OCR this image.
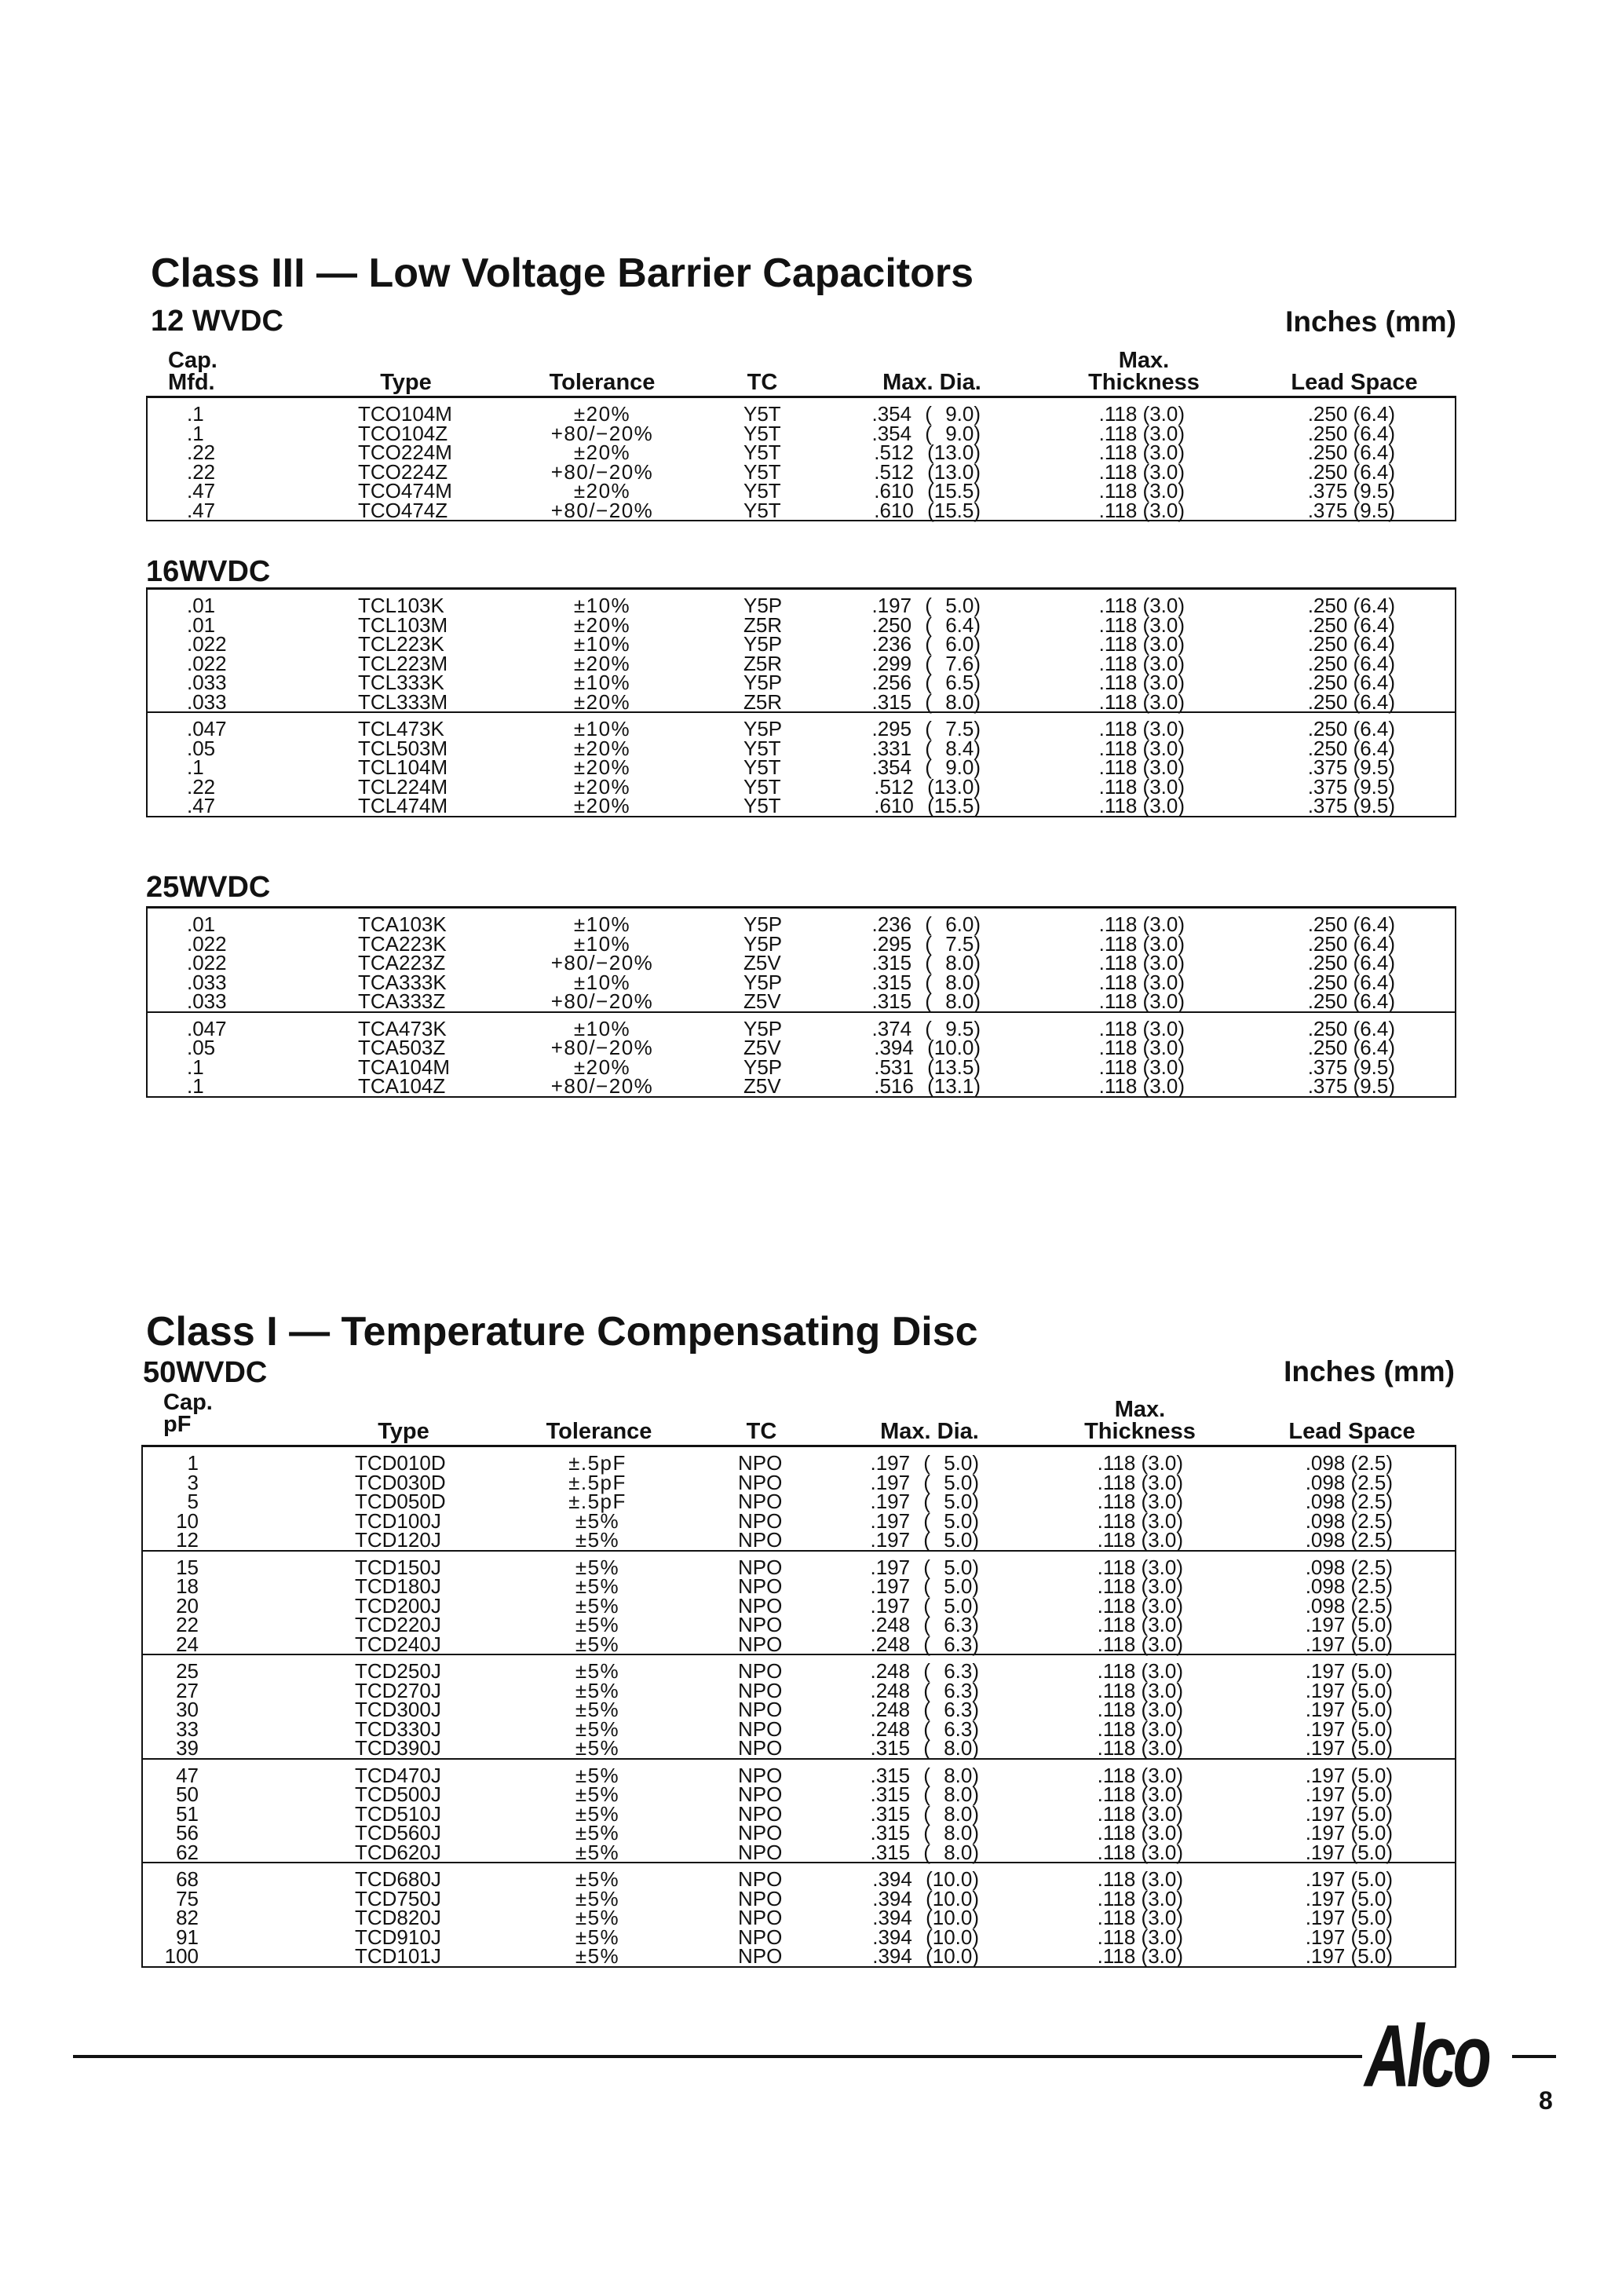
Class III — Low Voltage Barrier Capacitors
12 WVDC	Inches (mm)
Cap.
Mfd.	Type	Tolerance	TC	Max. Dia.
Max.
Thickness	Lead Space
.1	TCO104M	±20%	Y5T	.354 ( 9.0)	.118 (3.0)	.250 (6.4)
.1	TCO104Z	+80/−20%	Y5T	.354 ( 9.0)	.118 (3.0)	.250 (6.4)
.22	TCO224M	±20%	Y5T	.512 (13.0)	.118 (3.0)	.250 (6.4)
.22	TCO224Z	+80/−20%	Y5T	.512 (13.0)	.118 (3.0)	.250 (6.4)
.47	TCO474M	±20%	Y5T	.610 (15.5)	.118 (3.0)	.375 (9.5)
.47	TCO474Z	+80/−20%	Y5T	.610 (15.5)	.118 (3.0)	.375 (9.5)
16WVDC
.01	TCL103K	±10%	Y5P	.197 ( 5.0)	.118 (3.0)	.250 (6.4)
.01	TCL103M	±20%	Z5R	.250 ( 6.4)	.118 (3.0)	.250 (6.4)
.022	TCL223K	±10%	Y5P	.236 ( 6.0)	.118 (3.0)	.250 (6.4)
.022	TCL223M	±20%	Z5R	.299 ( 7.6)	.118 (3.0)	.250 (6.4)
.033	TCL333K	±10%	Y5P	.256 ( 6.5)	.118 (3.0)	.250 (6.4)
.033	TCL333M	±20%	Z5R	.315 ( 8.0)	.118 (3.0)	.250 (6.4)
.047	TCL473K	±10%	Y5P	.295 ( 7.5)	.118 (3.0)	.250 (6.4)
.05	TCL503M	±20%	Y5T	.331 ( 8.4)	.118 (3.0)	.250 (6.4)
.1	TCL104M	±20%	Y5T	.354 ( 9.0)	.118 (3.0)	.375 (9.5)
.22	TCL224M	±20%	Y5T	.512 (13.0)	.118 (3.0)	.375 (9.5)
.47	TCL474M	±20%	Y5T	.610 (15.5)	.118 (3.0)	.375 (9.5)
25WVDC
.01	TCA103K	±10%	Y5P	.236 ( 6.0)	.118 (3.0)	.250 (6.4)
.022	TCA223K	±10%	Y5P	.295 ( 7.5)	.118 (3.0)	.250 (6.4)
.022	TCA223Z	+80/−20%	Z5V	.315 ( 8.0)	.118 (3.0)	.250 (6.4)
.033	TCA333K	±10%	Y5P	.315 ( 8.0)	.118 (3.0)	.250 (6.4)
.033	TCA333Z	+80/−20%	Z5V	.315 ( 8.0)	.118 (3.0)	.250 (6.4)
.047	TCA473K	±10%	Y5P	.374 ( 9.5)	.118 (3.0)	.250 (6.4)
.05	TCA503Z	+80/−20%	Z5V	.394 (10.0)	.118 (3.0)	.250 (6.4)
.1	TCA104M	±20%	Y5P	.531 (13.5)	.118 (3.0)	.375 (9.5)
.1	TCA104Z	+80/−20%	Z5V	.516 (13.1)	.118 (3.0)	.375 (9.5)
Class I — Temperature Compensating Disc
50WVDC	Inches (mm)
Cap.
pF	Type	Tolerance	TC	Max. Dia.
Max.
Thickness	Lead Space
1	TCD010D	±.5pF	NPO	.197 ( 5.0)	.118 (3.0)	.098 (2.5)
3	TCD030D	±.5pF	NPO	.197 ( 5.0)	.118 (3.0)	.098 (2.5)
5	TCD050D	±.5pF	NPO	.197 ( 5.0)	.118 (3.0)	.098 (2.5)
10	TCD100J	±5%	NPO	.197 ( 5.0)	.118 (3.0)	.098 (2.5)
12	TCD120J	±5%	NPO	.197 ( 5.0)	.118 (3.0)	.098 (2.5)
15	TCD150J	±5%	NPO	.197 ( 5.0)	.118 (3.0)	.098 (2.5)
18	TCD180J	±5%	NPO	.197 ( 5.0)	.118 (3.0)	.098 (2.5)
20	TCD200J	±5%	NPO	.197 ( 5.0)	.118 (3.0)	.098 (2.5)
22	TCD220J	±5%	NPO	.248 ( 6.3)	.118 (3.0)	.197 (5.0)
24	TCD240J	±5%	NPO	.248 ( 6.3)	.118 (3.0)	.197 (5.0)
25	TCD250J	±5%	NPO	.248 ( 6.3)	.118 (3.0)	.197 (5.0)
27	TCD270J	±5%	NPO	.248 ( 6.3)	.118 (3.0)	.197 (5.0)
30	TCD300J	±5%	NPO	.248 ( 6.3)	.118 (3.0)	.197 (5.0)
33	TCD330J	±5%	NPO	.248 ( 6.3)	.118 (3.0)	.197 (5.0)
39	TCD390J	±5%	NPO	.315 ( 8.0)	.118 (3.0)	.197 (5.0)
47	TCD470J	±5%	NPO	.315 ( 8.0)	.118 (3.0)	.197 (5.0)
50	TCD500J	±5%	NPO	.315 ( 8.0)	.118 (3.0)	.197 (5.0)
51	TCD510J	±5%	NPO	.315 ( 8.0)	.118 (3.0)	.197 (5.0)
56	TCD560J	±5%	NPO	.315 ( 8.0)	.118 (3.0)	.197 (5.0)
62	TCD620J	±5%	NPO	.315 ( 8.0)	.118 (3.0)	.197 (5.0)
68	TCD680J	±5%	NPO	.394 (10.0)	.118 (3.0)	.197 (5.0)
75	TCD750J	±5%	NPO	.394 (10.0)	.118 (3.0)	.197 (5.0)
82	TCD820J	±5%	NPO	.394 (10.0)	.118 (3.0)	.197 (5.0)
91	TCD910J	±5%	NPO	.394 (10.0)	.118 (3.0)	.197 (5.0)
100	TCD101J	±5%	NPO	.394 (10.0)	.118 (3.0)	.197 (5.0)
Alco 8
